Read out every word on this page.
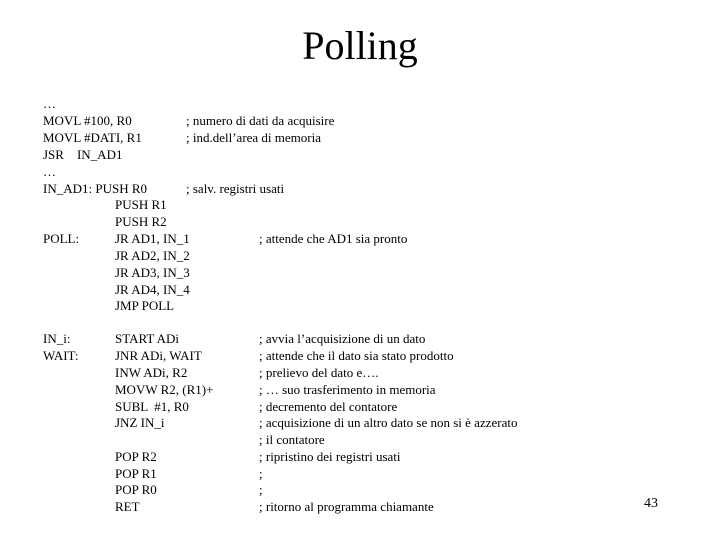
Polling
…
MOVL #100, R0	; numero di dati da acquisire
MOVL #DATI, R1	; ind.dell’area di memoria
JSR    IN_AD1
…
IN_AD1: PUSH R0	; salv. registri usati
PUSH R1
PUSH R2
POLL:	JR AD1, IN_1	; attende che AD1 sia pronto
JR AD2, IN_2
JR AD3, IN_3
JR AD4, IN_4
JMP POLL
IN_i:	START ADi	; avvia l’acquisizione di un dato
WAIT:	JNR ADi, WAIT	; attende che il dato sia stato prodotto
INW ADi, R2	; prelievo del dato e….
MOVW R2, (R1)+	; … suo trasferimento in memoria
SUBL  #1, R0	; decremento del contatore
JNZ IN_i	; acquisizione di un altro dato se non si è azzerato
; il contatore
POP R2	; ripristino dei registri usati
POP R1	;
POP R0	;
RET	; ritorno al programma chiamante	43
